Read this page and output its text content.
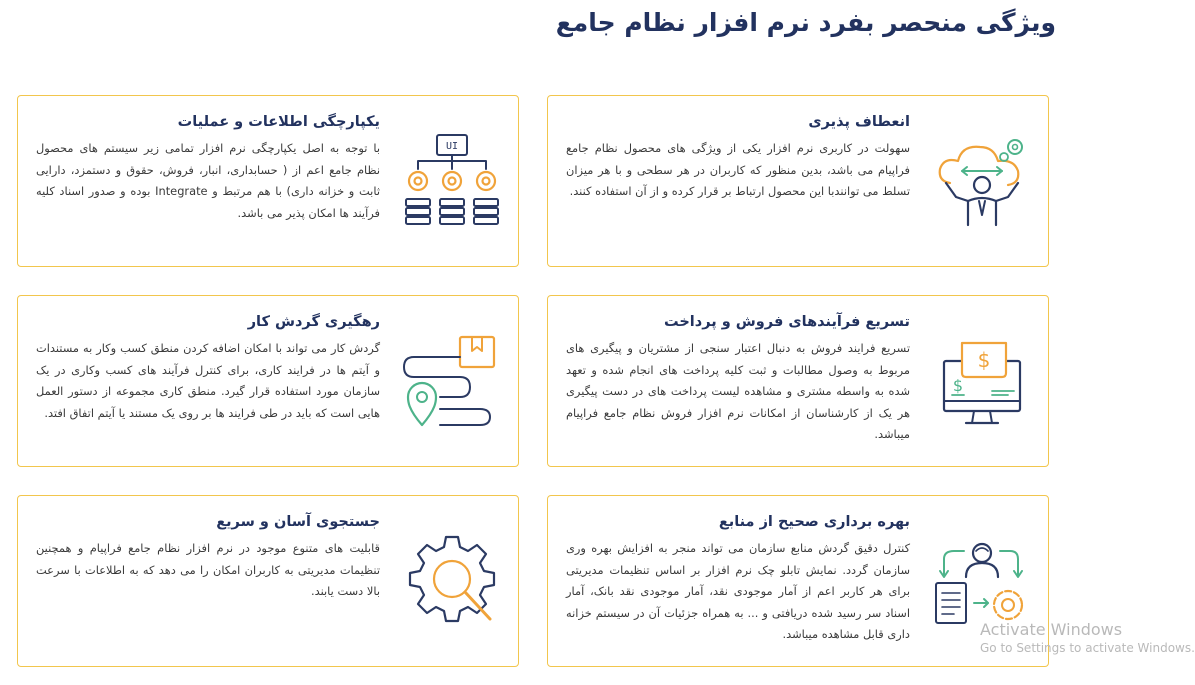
ویژگی منحصر بفرد نرم افزار نظام جامع
انعطاف پذیری
سهولت در کاربری نرم افزار یکی از ویژگی های محصول نظام جامع فراپیام می باشد، بدین منظور که کاربران در هر سطحی و با هر میزان تسلط می توانندبا این محصول ارتباط بر قرار کرده و از آن استفاده کنند.
UI
یکپارچگی اطلاعات و عملیات
با توجه به اصل یکپارچگی نرم افزار تمامی زیر سیستم های محصول نظام جامع اعم از ( حسابداری، انبار، فروش، حقوق و دستمزد، دارایی ثابت و خزانه داری) با هم مرتبط و Integrate بوده و صدور اسناد کلیه فرآیند ها امکان پذیر می باشد.
$
$
تسریع فرآیندهای فروش و پرداخت
تسریع فرایند فروش به دنبال اعتبار سنجی از مشتریان و پیگیری های مربوط به وصول مطالبات و ثبت کلیه پرداخت های انجام شده و تعهد شده به واسطه مشتری و مشاهده لیست پرداخت های در دست پیگیری هر یک از کارشناسان از امکانات نرم افزار فروش نظام جامع فراپیام میباشد.
رهگیری گردش کار
گردش کار می تواند با امکان اضافه کردن منطق کسب وکار به مستندات و آیتم ها در فرایند کاری، برای کنترل فرآیند های کسب وکاری در یک سازمان مورد استفاده قرار گیرد. منطق کاری مجموعه از دستور العمل هایی است که باید در طی فرایند ها بر روی یک مستند یا آیتم اتفاق افتد.
بهره برداری صحیح از منابع
کنترل دقیق گردش منابع سازمان می تواند منجر به افزایش بهره وری سازمان گردد. نمایش تابلو چک نرم افزار بر اساس تنظیمات مدیریتی برای هر کاربر اعم از آمار موجودی نقد، آمار موجودی نقد بانک، آمار اسناد سر رسید شده دریافتی و ... به همراه جزئیات آن در سیستم خزانه داری قابل مشاهده میباشد.
جستجوی آسان و سریع
قابلیت های متنوع موجود در نرم افزار نظام جامع فراپیام و همچنین تنظیمات مدیریتی به کاربران امکان را می دهد که به اطلاعات با سرعت بالا دست یابند.
Activate Windows
Go to Settings to activate Windows.
